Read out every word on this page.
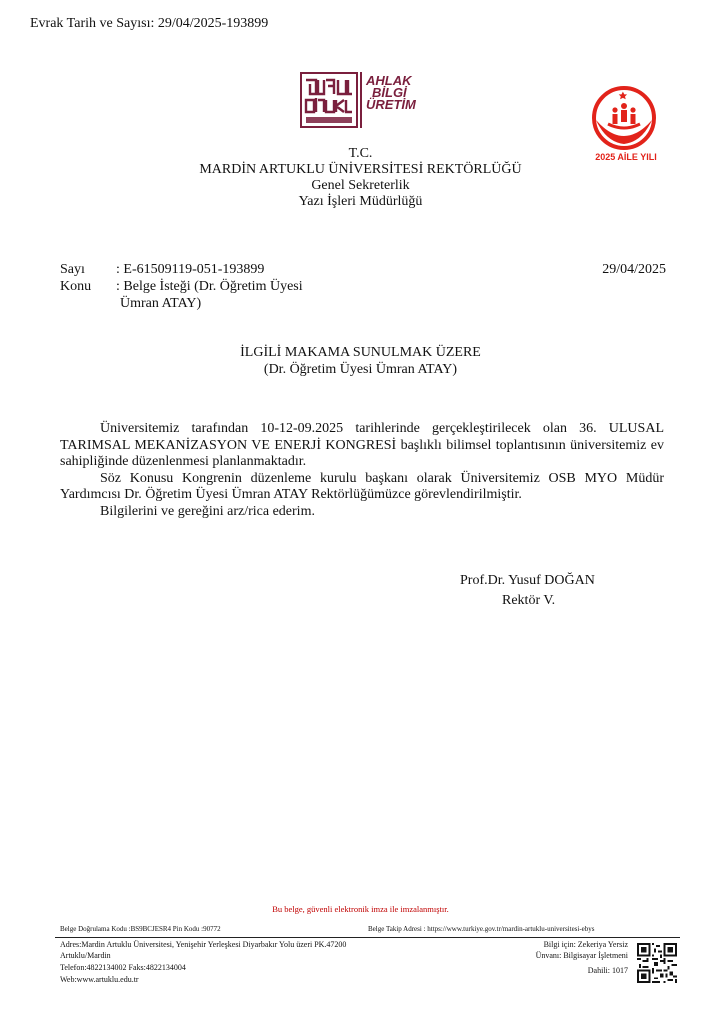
Evrak Tarih ve Sayısı: 29/04/2025-193899
AHLAK
BİLGİ
ÜRETİM
2025 AİLE YILI
T.C.
MARDİN ARTUKLU ÜNİVERSİTESİ REKTÖRLÜĞÜ
Genel Sekreterlik
Yazı İşleri Müdürlüğü
Sayı : E-61509119-051-193899
Konu : Belge İsteği (Dr. Öğretim Üyesi
Ümran ATAY)
29/04/2025
İLGİLİ MAKAMA SUNULMAK ÜZERE
(Dr. Öğretim Üyesi Ümran ATAY)

Üniversitemiz tarafından 10-12-09.2025 tarihlerinde gerçekleştirilecek olan 36. ULUSAL TARIMSAL MEKANİZASYON VE ENERJİ KONGRESİ başlıklı bilimsel toplantısının üniversitemiz ev sahipliğinde düzenlenmesi planlanmaktadır.

Söz Konusu Kongrenin düzenleme kurulu başkanı olarak Üniversitemiz OSB MYO Müdür Yardımcısı Dr. Öğretim Üyesi Ümran ATAY Rektörlüğümüzce görevlendirilmiştir.

Bilgilerini ve gereğini arz/rica ederim.

Prof.Dr. Yusuf DOĞAN
Rektör V.
Bu belge, güvenli elektronik imza ile imzalanmıştır.
Belge Doğrulama Kodu :BS9BCJESR4 Pin Kodu :90772	Belge Takip Adresi : https://www.turkiye.gov.tr/mardin-artuklu-universitesi-ebys
Adres:Mardin Artuklu Üniversitesi, Yenişehir Yerleşkesi Diyarbakır Yolu üzeri PK.47200
Artuklu/Mardin
Telefon:4822134002 Faks:4822134004
Web:www.artuklu.edu.tr
Bilgi için: Zekeriya Yersiz
Ünvanı: Bilgisayar İşletmeni
Dahili: 1017
